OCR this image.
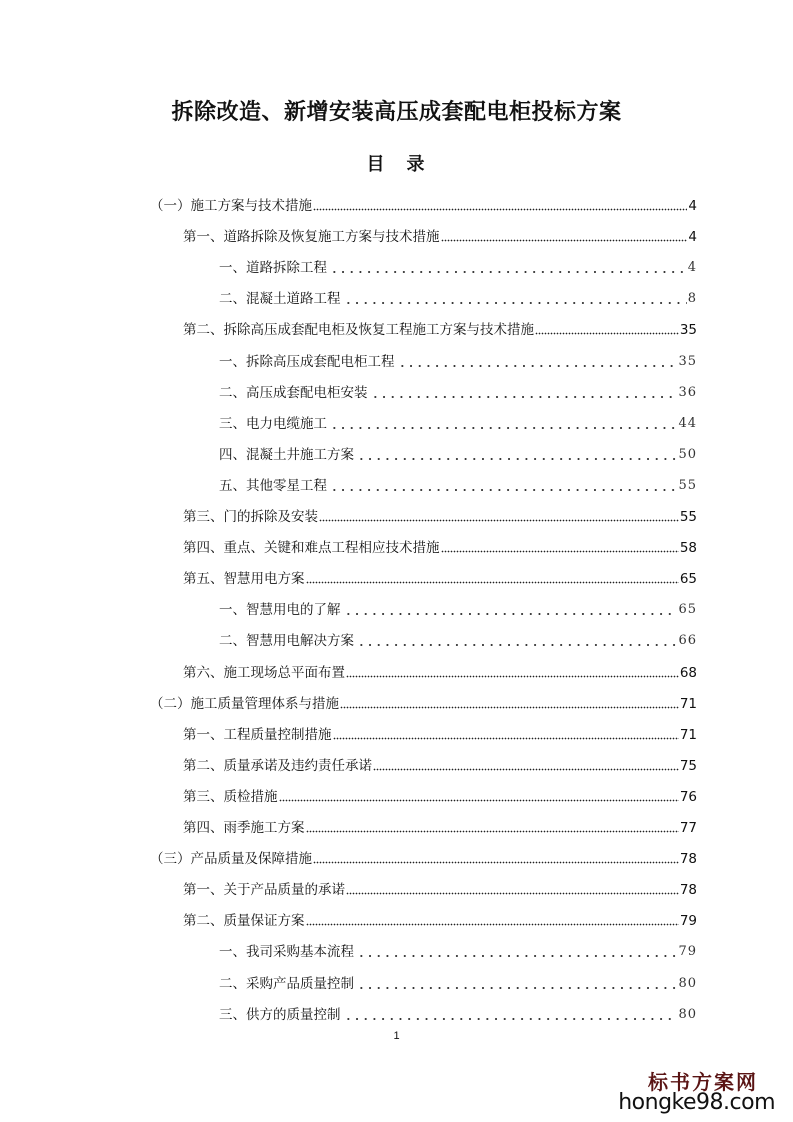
拆除改造、新增安装高压成套配电柜投标方案
目　录
（一）施工方案与技术措施	4
第一、道路拆除及恢复施工方案与技术措施	4
一、道路拆除工程	4
二、混凝土道路工程	8
第二、拆除高压成套配电柜及恢复工程施工方案与技术措施	35
一、拆除高压成套配电柜工程	35
二、高压成套配电柜安装	36
三、电力电缆施工	44
四、混凝土井施工方案	50
五、其他零星工程	55
第三、门的拆除及安装	55
第四、重点、关键和难点工程相应技术措施	58
第五、智慧用电方案	65
一、智慧用电的了解	65
二、智慧用电解决方案	66
第六、施工现场总平面布置	68
（二）施工质量管理体系与措施	71
第一、工程质量控制措施	71
第二、质量承诺及违约责任承诺	75
第三、质检措施	76
第四、雨季施工方案	77
（三）产品质量及保障措施	78
第一、关于产品质量的承诺	78
第二、质量保证方案	79
一、我司采购基本流程	79
二、采购产品质量控制	80
三、供方的质量控制	80
1
标书方案网
hongke98.com
